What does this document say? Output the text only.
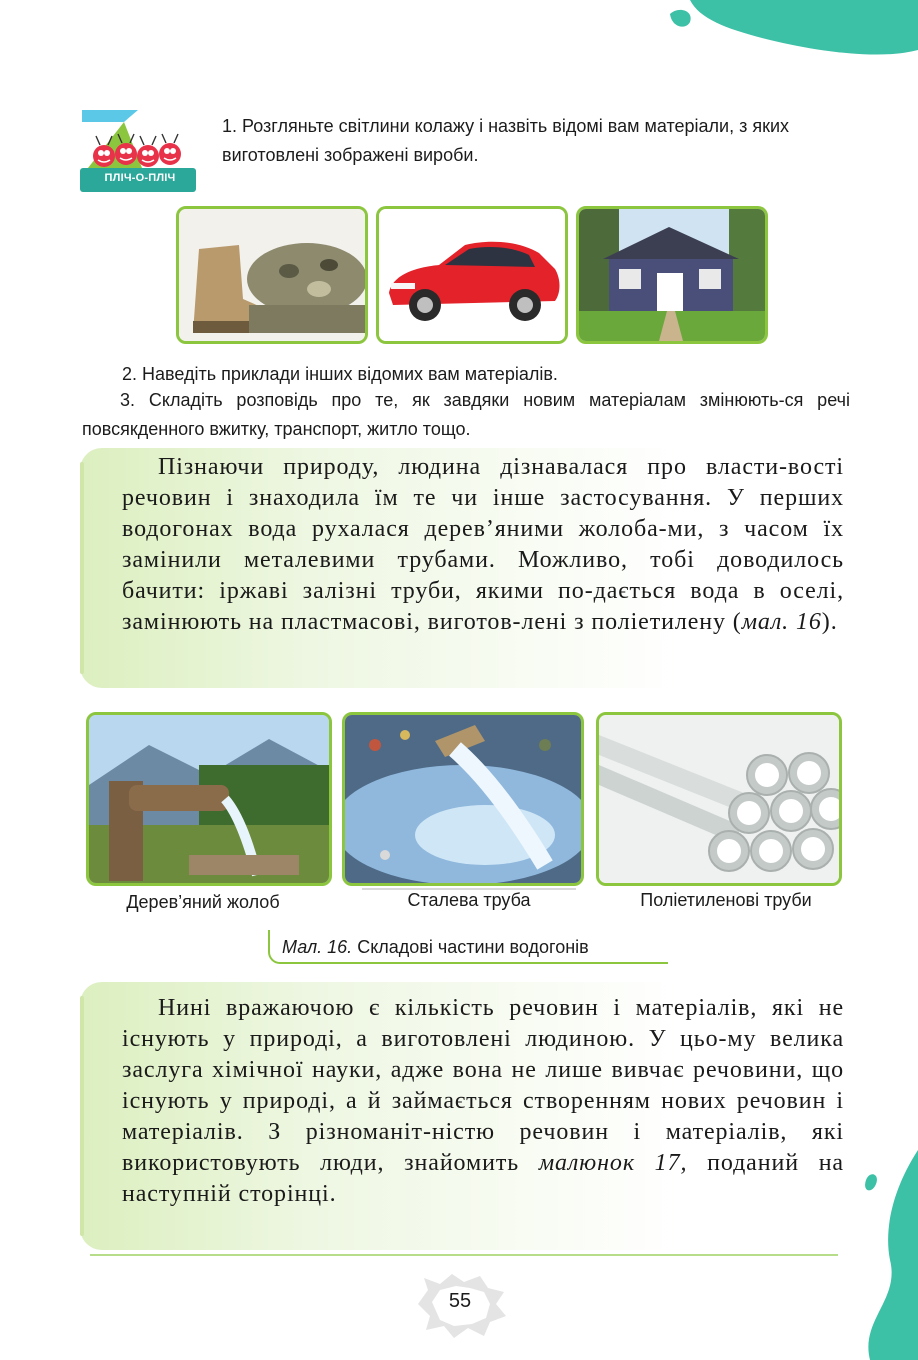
ПЛІЧ-О-ПЛІЧ
1. Розгляньте світлини колажу і назвіть відомі вам матеріали, з яких виготовлені зображені вироби.
2. Наведіть приклади інших відомих вам матеріалів.
3. Складіть розповідь про те, як завдяки новим матеріалам змінюють-ся речі повсякденного вжитку, транспорт, житло тощо.
Пізнаючи природу, людина дізнавалася про власти-вості речовин і знаходила їм те чи інше застосування. У перших водогонах вода рухалася дерев’яними жолоба-ми, з часом їх замінили металевими трубами. Можливо, тобі доводилось бачити: іржаві залізні труби, якими по-дається вода в оселі, замінюють на пластмасові, виготов-лені з поліетилену (мал. 16).
Дерев’яний жолоб	Сталева труба	Поліетиленові труби
Мал. 16. Складові частини водогонів
Нині вражаючою є кількість речовин і матеріалів, які не існують у природі, а виготовлені людиною. У цьо-му велика заслуга хімічної науки, адже вона не лише вивчає речовини, що існують у природі, а й займається створенням нових речовин і матеріалів. З різноманіт-ністю речовин і матеріалів, які використовують люди, знайомить малюнок 17, поданий на наступній сторінці.
55
